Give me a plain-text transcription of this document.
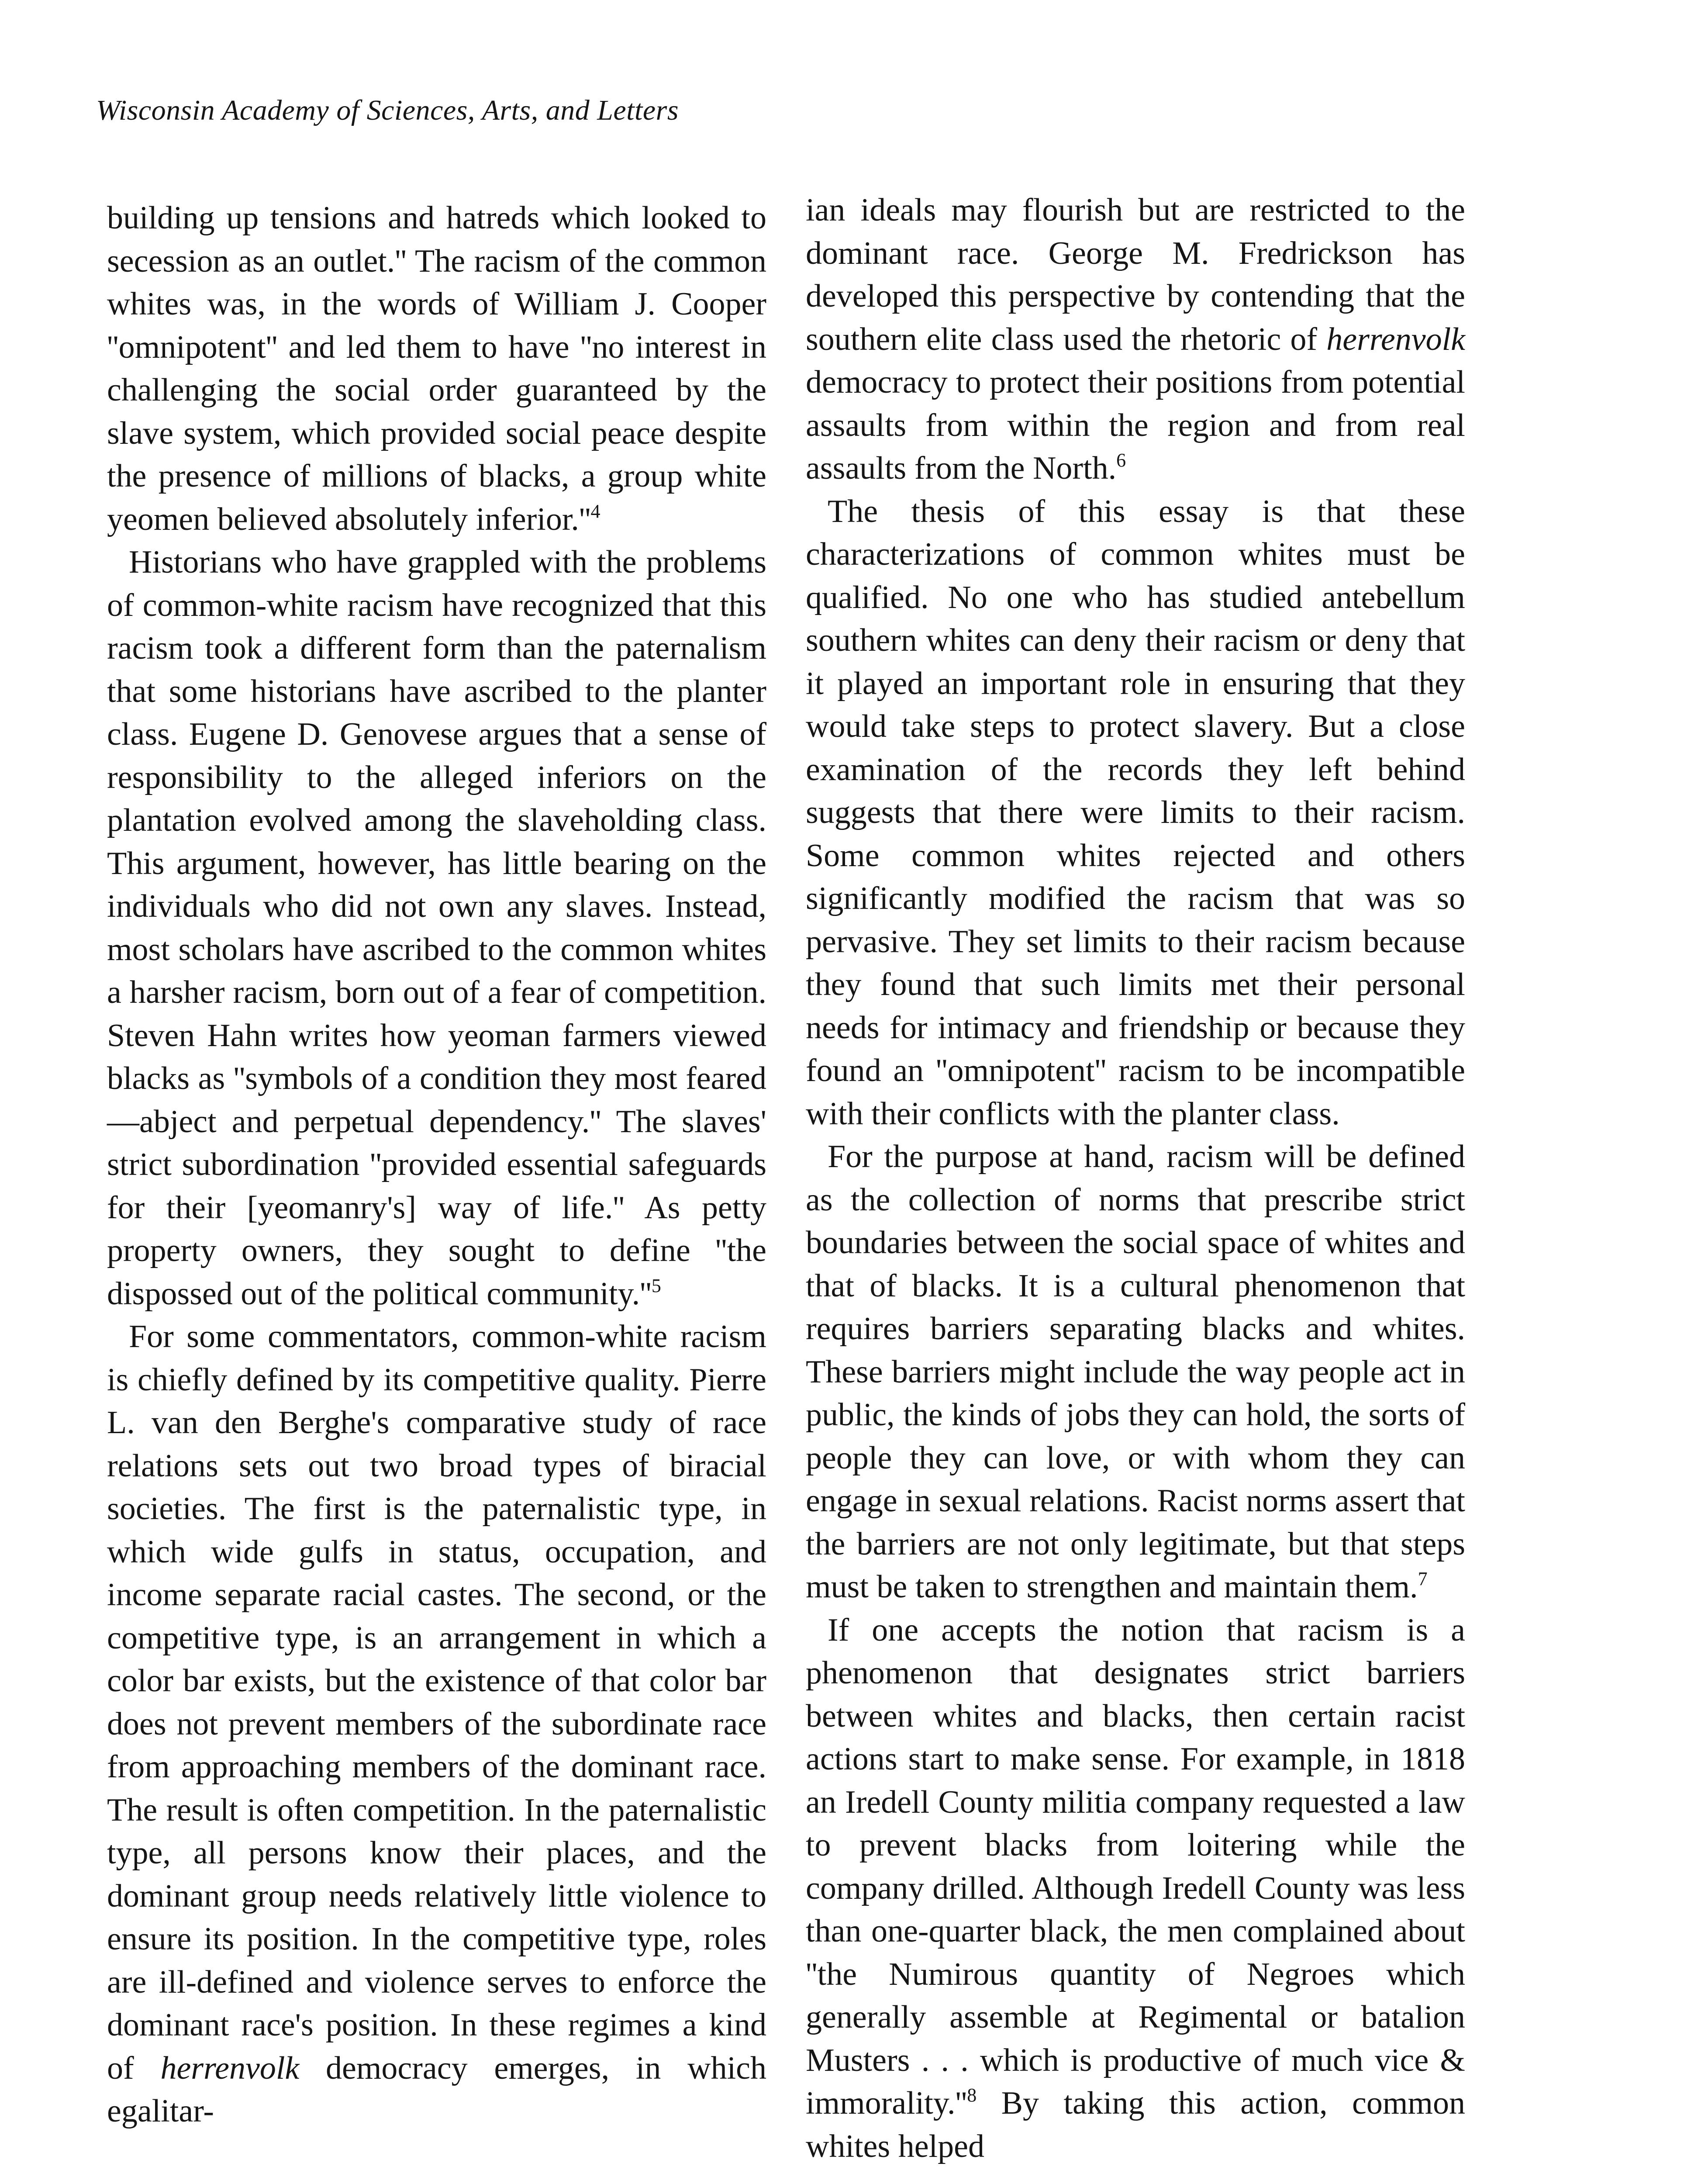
Wisconsin Academy of Sciences, Arts, and Letters

building up tensions and hatreds which looked to secession as an outlet.'' The racism of the common whites was, in the words of William J. Cooper ''omnipotent'' and led them to have ''no interest in challenging the social order guaranteed by the slave system, which provided social peace despite the presence of millions of blacks, a group white yeomen believed absolutely $inferior.''^4$

Historians who have grappled with the problems of common-white racism have recognized that this racism took a different form than the paternalism that some historians have ascribed to the planter class. Eugene D. Genovese argues that a sense of responsibility to the alleged inferiors on the plantation evolved among the slaveholding class. This argument, however, has little bearing on the individuals who did not own any slaves. Instead, most scholars have ascribed to the common whites a harsher racism, born out of a fear of competition. Steven Hahn writes how yeoman farmers viewed blacks as ''symbols of a condition they most feared—abject and perpetual dependency.'' The slaves' strict subordination ''provided essential safeguards for their [yeomanry's] way of life.'' As petty property owners, they sought to define ''the dispossed out of the political $community.''^5$

For some commentators, common-white racism is chiefly defined by its competitive quality. Pierre L. van den Berghe's comparative study of race relations sets out two broad types of biracial societies. The first is the paternalistic type, in which wide gulfs in status, occupation, and income separate racial castes. The second, or the competitive type, is an arrangement in which a color bar exists, but the existence of that color bar does not prevent members of the subordinate race from approaching members of the dominant race. The result is often competition. In the paternalistic type, all persons know their places, and the dominant group needs relatively little violence to ensure its position. In the competitive type, roles are ill-defined and violence serves to enforce the dominant race's position. In these regimes a kind of herrenvolk democracy emerges, in which egalitar-

ian ideals may flourish but are restricted to the dominant race. George M. Fredrickson has developed this perspective by contending that the southern elite class used the rhetoric of herrenvolk democracy to protect their positions from potential assaults from within the region and from real assaults from the North.$^6$

The thesis of this essay is that these characterizations of common whites must be qualified. No one who has studied antebellum southern whites can deny their racism or deny that it played an important role in ensuring that they would take steps to protect slavery. But a close examination of the records they left behind suggests that there were limits to their racism. Some common whites rejected and others significantly modified the racism that was so pervasive. They set limits to their racism because they found that such limits met their personal needs for intimacy and friendship or because they found an ''omnipotent'' racism to be incompatible with their conflicts with the planter class.

For the purpose at hand, racism will be defined as the collection of norms that prescribe strict boundaries between the social space of whites and that of blacks. It is a cultural phenomenon that requires barriers separating blacks and whites. These barriers might include the way people act in public, the kinds of jobs they can hold, the sorts of people they can love, or with whom they can engage in sexual relations. Racist norms assert that the barriers are not only legitimate, but that steps must be taken to strengthen and maintain them.$^7$

If one accepts the notion that racism is a phenomenon that designates strict barriers between whites and blacks, then certain racist actions start to make sense. For example, in 1818 an Iredell County militia company requested a law to prevent blacks from loitering while the company drilled. Although Iredell County was less than one-quarter black, the men complained about ''the Numirous quantity of Negroes which generally assemble at Regimental or batalion Musters . . . which is productive of much vice & $immorality.''^8$ By taking this action, common whites helped
